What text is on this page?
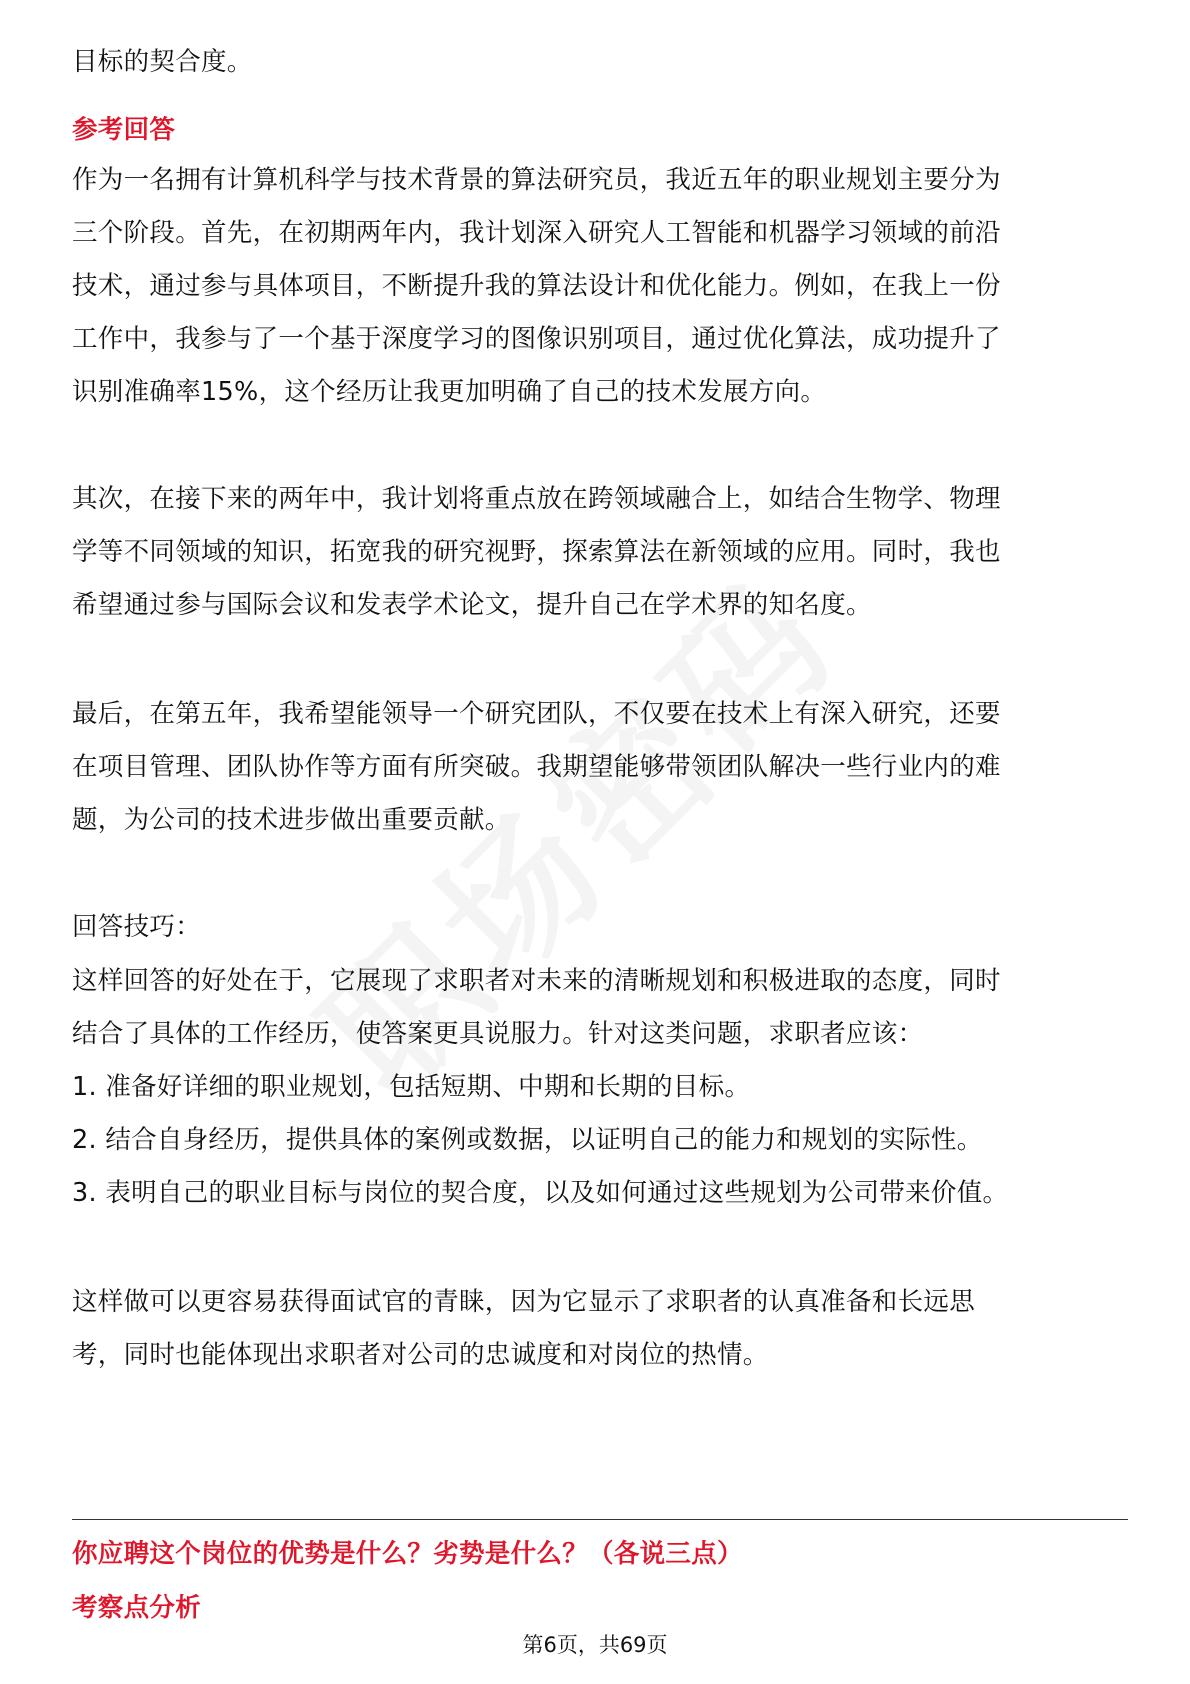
目标的契合度。
参考回答
作为一名拥有计算机科学与技术背景的算法研究员，我近五年的职业规划主要分为
三个阶段。首先，在初期两年内，我计划深入研究人工智能和机器学习领域的前沿
技术，通过参与具体项目，不断提升我的算法设计和优化能力。例如，在我上一份
工作中，我参与了一个基于深度学习的图像识别项目，通过优化算法，成功提升了
识别准确率15%，这个经历让我更加明确了自己的技术发展方向。
其次，在接下来的两年中，我计划将重点放在跨领域融合上，如结合生物学、物理
学等不同领域的知识，拓宽我的研究视野，探索算法在新领域的应用。同时，我也
希望通过参与国际会议和发表学术论文，提升自己在学术界的知名度。
最后，在第五年，我希望能领导一个研究团队，不仅要在技术上有深入研究，还要
在项目管理、团队协作等方面有所突破。我期望能够带领团队解决一些行业内的难
题，为公司的技术进步做出重要贡献。
回答技巧：
这样回答的好处在于，它展现了求职者对未来的清晰规划和积极进取的态度，同时
结合了具体的工作经历，使答案更具说服力。针对这类问题，求职者应该：
1. 准备好详细的职业规划，包括短期、中期和长期的目标。
2. 结合自身经历，提供具体的案例或数据，以证明自己的能力和规划的实际性。
3. 表明自己的职业目标与岗位的契合度，以及如何通过这些规划为公司带来价值。
这样做可以更容易获得面试官的青睐，因为它显示了求职者的认真准备和长远思
考，同时也能体现出求职者对公司的忠诚度和对岗位的热情。
你应聘这个岗位的优势是什么？劣势是什么？（各说三点）
考察点分析
第6页，共69页
